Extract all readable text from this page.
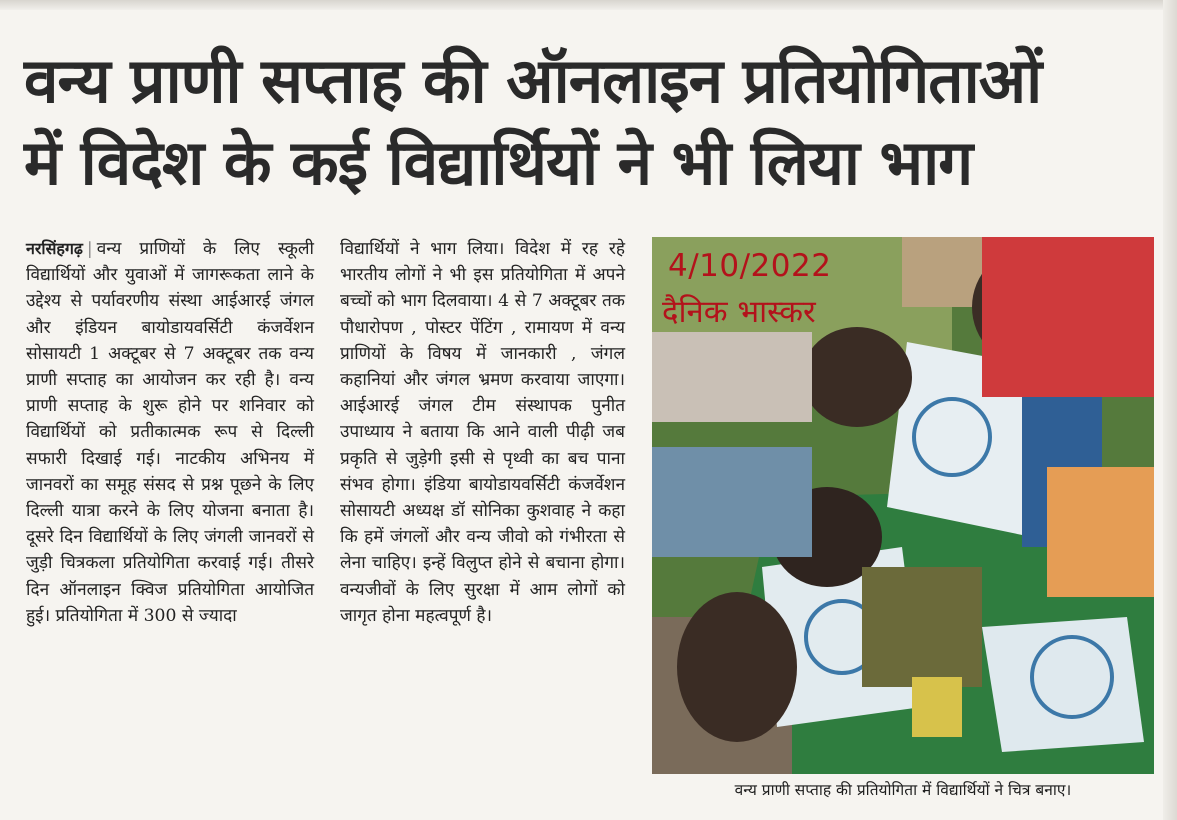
वन्य प्राणी सप्ताह की ऑनलाइन प्रतियोगिताओं
में विदेश के कई विद्यार्थियों ने भी लिया भाग

नरसिंहगढ़ | वन्य प्राणियों के लिए स्कूली विद्यार्थियों और युवाओं में जागरूकता लाने के उद्देश्य से पर्यावरणीय संस्था आईआरई जंगल और इंडियन बायोडायवर्सिटी कंजर्वेशन सोसायटी 1 अक्टूबर से 7 अक्टूबर तक वन्य प्राणी सप्ताह का आयोजन कर रही है। वन्य प्राणी सप्ताह के शुरू होने पर शनिवार को विद्यार्थियों को प्रतीकात्मक रूप से दिल्ली सफारी दिखाई गई। नाटकीय अभिनय में जानवरों का समूह संसद से प्रश्न पूछने के लिए दिल्ली यात्रा करने के लिए योजना बनाता है। दूसरे दिन विद्यार्थियों के लिए जंगली जानवरों से जुड़ी चित्रकला प्रतियोगिता करवाई गई। तीसरे दिन ऑनलाइन क्विज प्रतियोगिता आयोजित हुई। प्रतियोगिता में 300 से ज्यादा

विद्यार्थियों ने भाग लिया। विदेश में रह रहे भारतीय लोगों ने भी इस प्रतियोगिता में अपने बच्चों को भाग दिलवाया। 4 से 7 अक्टूबर तक पौधारोपण , पोस्टर पेंटिंग , रामायण में वन्य प्राणियों के विषय में जानकारी , जंगल कहानियां और जंगल भ्रमण करवाया जाएगा। आईआरई जंगल टीम संस्थापक पुनीत उपाध्याय ने बताया कि आने वाली पीढ़ी जब प्रकृति से जुड़ेगी इसी से पृथ्वी का बच पाना संभव होगा। इंडिया बायोडायवर्सिटी कंजर्वेशन सोसायटी अध्यक्ष डॉ सोनिका कुशवाह ने कहा कि हमें जंगलों और वन्य जीवो को गंभीरता से लेना चाहिए। इन्हें विलुप्त होने से बचाना होगा। वन्यजीवों के लिए सुरक्षा में आम लोगों को जागृत होना महत्वपूर्ण है।

4/10/2022
दैनिक भास्कर
वन्य प्राणी सप्ताह की प्रतियोगिता में विद्यार्थियों ने चित्र बनाए।
